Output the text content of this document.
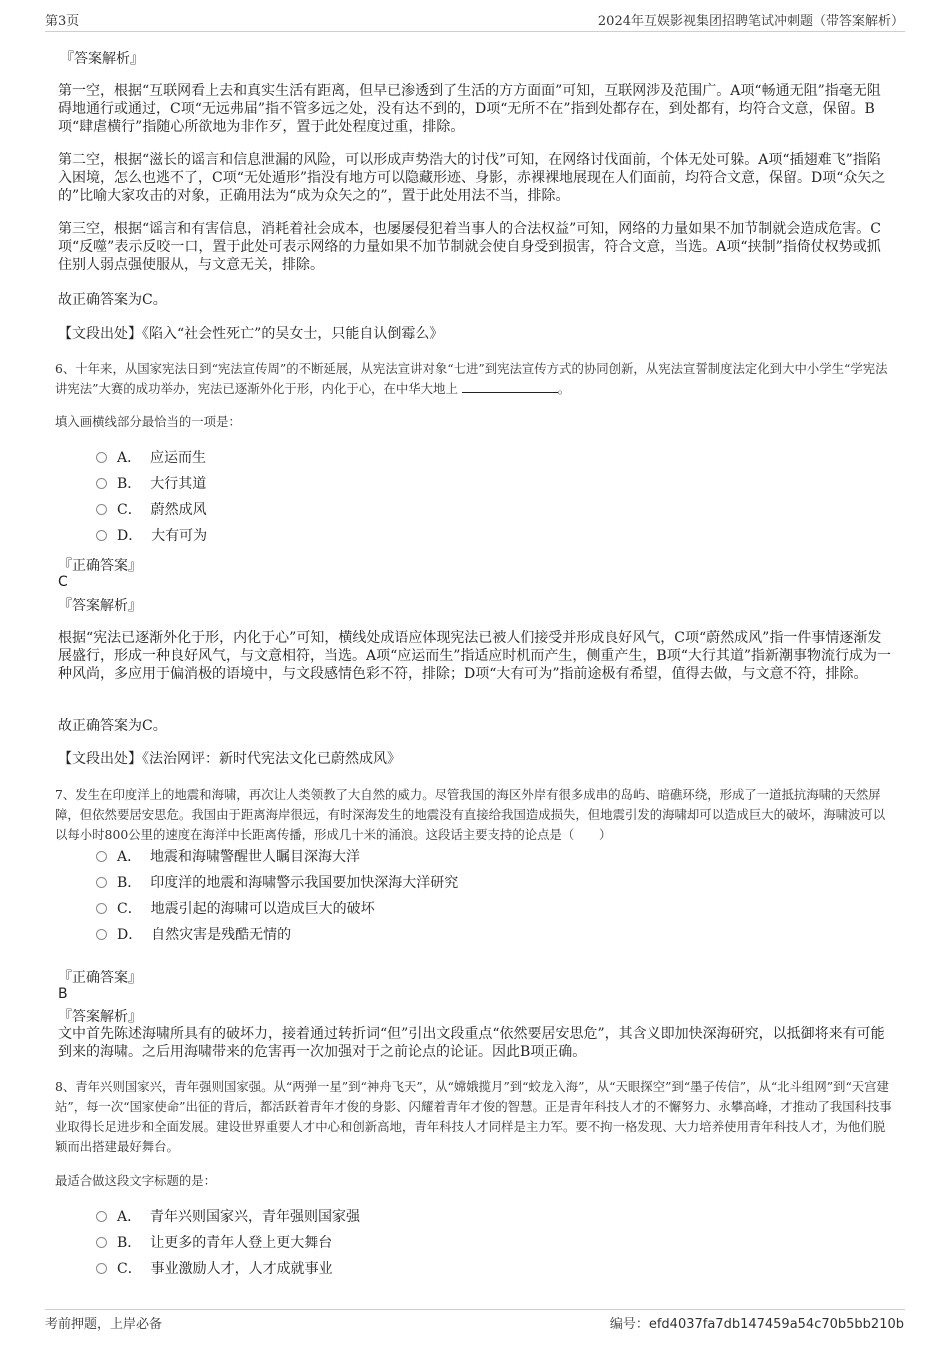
第3页	2024年互娱影视集团招聘笔试冲刺题（带答案解析）
『答案解析』

第一空，根据“互联网看上去和真实生活有距离，但早已渗透到了生活的方方面面”可知，互联网涉及范围广。A项“畅通无阻”指毫无阻碍地通行或通过，C项“无远弗届”指不管多远之处，没有达不到的，D项“无所不在”指到处都存在，到处都有，均符合文意，保留。B项“肆虐横行”指随心所欲地为非作歹，置于此处程度过重，排除。

第二空，根据“滋长的谣言和信息泄漏的风险，可以形成声势浩大的讨伐”可知，在网络讨伐面前，个体无处可躲。A项“插翅难飞”指陷入困境，怎么也逃不了，C项“无处遁形”指没有地方可以隐藏形迹、身影，赤裸裸地展现在人们面前，均符合文意，保留。D项“众矢之的”比喻大家攻击的对象，正确用法为“成为众矢之的”，置于此处用法不当，排除。

第三空，根据“谣言和有害信息，消耗着社会成本，也屡屡侵犯着当事人的合法权益”可知，网络的力量如果不加节制就会造成危害。C项“反噬”表示反咬一口，置于此处可表示网络的力量如果不加节制就会使自身受到损害，符合文意，当选。A项“挟制”指倚仗权势或抓住别人弱点强使服从，与文意无关，排除。

故正确答案为C。
【文段出处】《陷入“社会性死亡”的吴女士，只能自认倒霉么》

6、十年来，从国家宪法日到“宪法宣传周”的不断延展，从宪法宣讲对象“七进”到宪法宣传方式的协同创新，从宪法宣誓制度法定化到大中小学生“学宪法讲宪法”大赛的成功举办，宪法已逐渐外化于形，内化于心，在中华大地上	。

填入画横线部分最恰当的一项是：
A． 应运而生
B． 大行其道
C． 蔚然成风
D． 大有可为
『正确答案』
C
『答案解析』

根据“宪法已逐渐外化于形，内化于心”可知，横线处成语应体现宪法已被人们接受并形成良好风气，C项“蔚然成风”指一件事情逐渐发展盛行，形成一种良好风气，与文意相符，当选。A项“应运而生”指适应时机而产生，侧重产生，B项“大行其道”指新潮事物流行成为一种风尚，多应用于偏消极的语境中，与文段感情色彩不符，排除；D项“大有可为”指前途极有希望，值得去做，与文意不符，排除。

故正确答案为C。
【文段出处】《法治网评：新时代宪法文化已蔚然成风》

7、发生在印度洋上的地震和海啸，再次让人类领教了大自然的威力。尽管我国的海区外岸有很多成串的岛屿、暗礁环绕，形成了一道抵抗海啸的天然屏障，但依然要居安思危。我国由于距离海岸很远，有时深海发生的地震没有直接给我国造成损失，但地震引发的海啸却可以造成巨大的破坏，海啸波可以以每小时800公里的速度在海洋中长距离传播，形成几十米的涌浪。这段话主要支持的论点是（　　）

A． 地震和海啸警醒世人瞩目深海大洋
B． 印度洋的地震和海啸警示我国要加快深海大洋研究
C． 地震引起的海啸可以造成巨大的破坏
D． 自然灾害是残酷无情的
『正确答案』
B
『答案解析』

文中首先陈述海啸所具有的破坏力，接着通过转折词“但”引出文段重点“依然要居安思危”，其含义即加快深海研究，以抵御将来有可能到来的海啸。之后用海啸带来的危害再一次加强对于之前论点的论证。因此B项正确。

8、青年兴则国家兴，青年强则国家强。从“两弹一星”到“神舟飞天”，从“嫦娥揽月”到“蛟龙入海”，从“天眼探空”到“墨子传信”，从“北斗组网”到“天宫建站”，每一次“国家使命”出征的背后，都活跃着青年才俊的身影、闪耀着青年才俊的智慧。正是青年科技人才的不懈努力、永攀高峰，才推动了我国科技事业取得长足进步和全面发展。建设世界重要人才中心和创新高地，青年科技人才同样是主力军。要不拘一格发现、大力培养使用青年科技人才，为他们脱颖而出搭建最好舞台。

最适合做这段文字标题的是：
A． 青年兴则国家兴，青年强则国家强
B． 让更多的青年人登上更大舞台
C． 事业激励人才，人才成就事业
考前押题，上岸必备	编号：efd4037fa7db147459a54c70b5bb210b
